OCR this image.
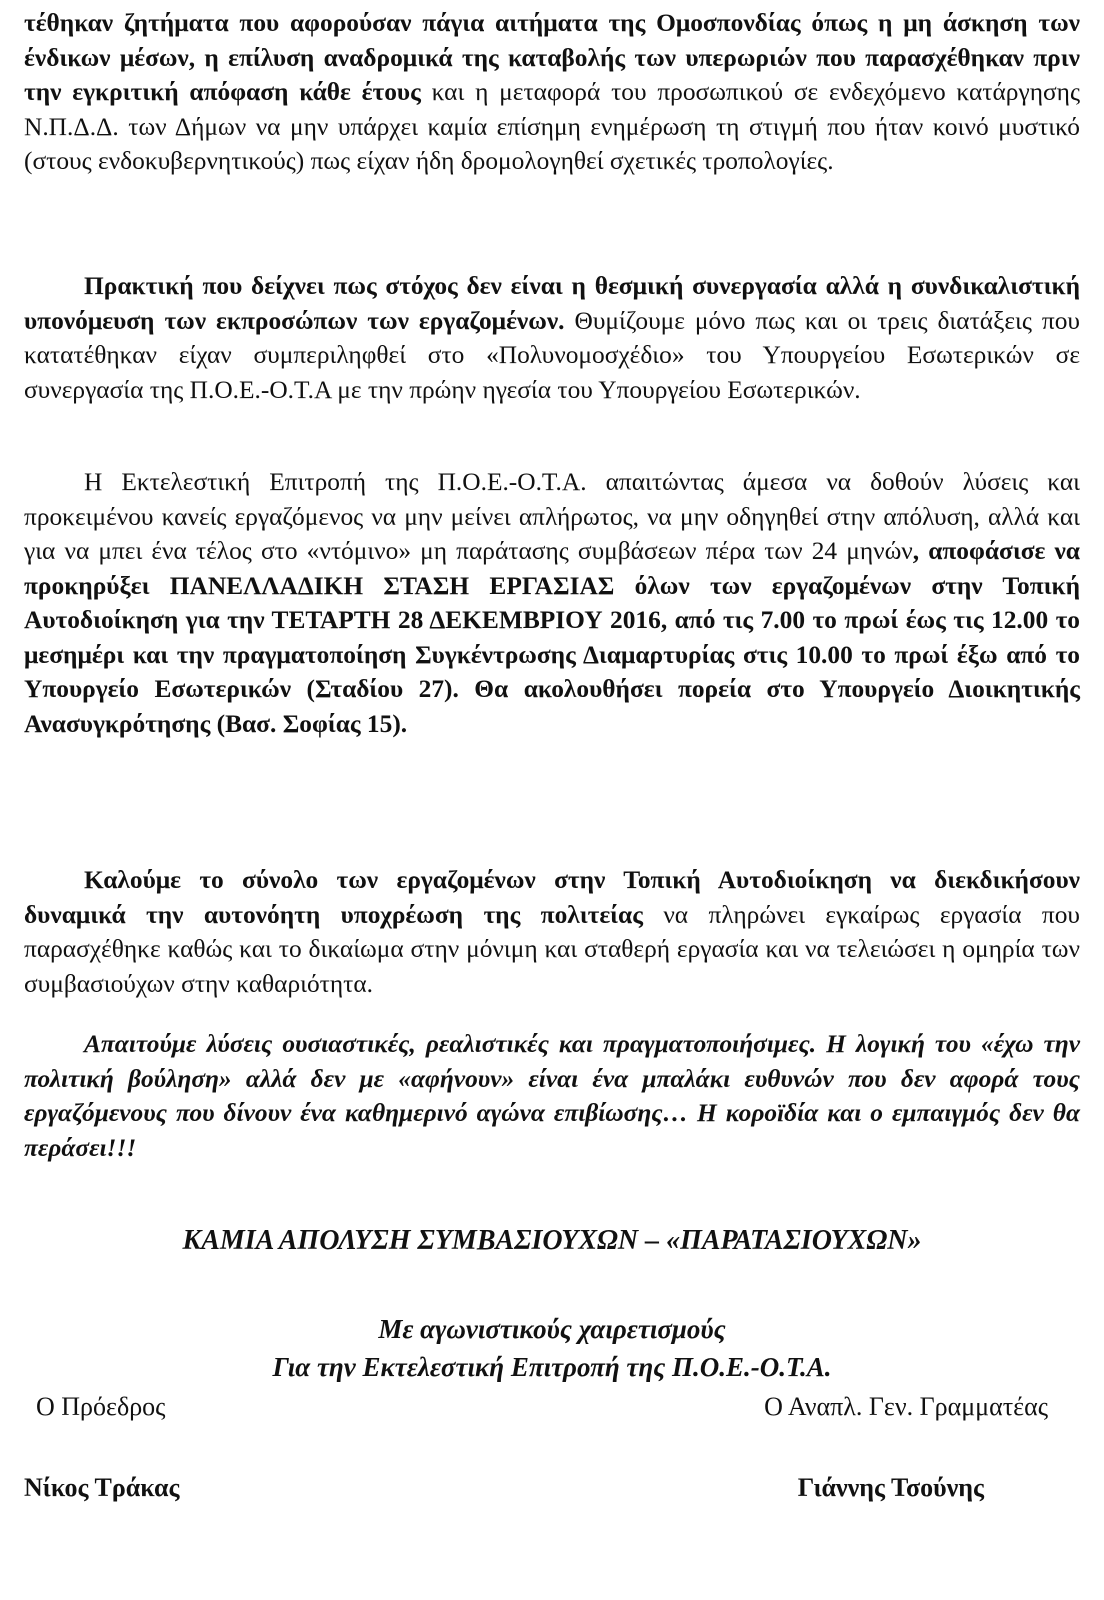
τέθηκαν ζητήματα που αφορούσαν πάγια αιτήματα της Ομοσπονδίας όπως η μη άσκηση των ένδικων μέσων, η επίλυση αναδρομικά της καταβολής των υπερωριών που παρασχέθηκαν πριν την εγκριτική απόφαση κάθε έτους και η μεταφορά του προσωπικού σε ενδεχόμενο κατάργησης Ν.Π.Δ.Δ. των Δήμων να μην υπάρχει καμία επίσημη ενημέρωση τη στιγμή που ήταν κοινό μυστικό (στους ενδοκυβερνητικούς) πως είχαν ήδη δρομολογηθεί σχετικές τροπολογίες.

Πρακτική που δείχνει πως στόχος δεν είναι η θεσμική συνεργασία αλλά η συνδικαλιστική υπονόμευση των εκπροσώπων των εργαζομένων. Θυμίζουμε μόνο πως και οι τρεις διατάξεις που κατατέθηκαν είχαν συμπεριληφθεί στο «Πολυνομοσχέδιο» του Υπουργείου Εσωτερικών σε συνεργασία της Π.Ο.Ε.-Ο.Τ.Α με την πρώην ηγεσία του Υπουργείου Εσωτερικών.

Η Εκτελεστική Επιτροπή της Π.Ο.Ε.-Ο.Τ.Α. απαιτώντας άμεσα να δοθούν λύσεις και προκειμένου κανείς εργαζόμενος να μην μείνει απλήρωτος, να μην οδηγηθεί στην απόλυση, αλλά και για να μπει ένα τέλος στο «ντόμινο» μη παράτασης συμβάσεων πέρα των 24 μηνών, αποφάσισε να προκηρύξει ΠΑΝΕΛΛΑΔΙΚΗ ΣΤΑΣΗ ΕΡΓΑΣΙΑΣ όλων των εργαζομένων στην Τοπική Αυτοδιοίκηση για την ΤΕΤΑΡΤΗ 28 ΔΕΚΕΜΒΡΙΟΥ 2016, από τις 7.00 το πρωί έως τις 12.00 το μεσημέρι και την πραγματοποίηση Συγκέντρωσης Διαμαρτυρίας στις 10.00 το πρωί έξω από το Υπουργείο Εσωτερικών (Σταδίου 27). Θα ακολουθήσει πορεία στο Υπουργείο Διοικητικής Ανασυγκρότησης (Βασ. Σοφίας 15).

Καλούμε το σύνολο των εργαζομένων στην Τοπική Αυτοδιοίκηση να διεκδικήσουν δυναμικά την αυτονόητη υποχρέωση της πολιτείας να πληρώνει εγκαίρως εργασία που παρασχέθηκε καθώς και το δικαίωμα στην μόνιμη και σταθερή εργασία και να τελειώσει η ομηρία των συμβασιούχων στην καθαριότητα.

Απαιτούμε λύσεις ουσιαστικές, ρεαλιστικές και πραγματοποιήσιμες. Η λογική του «έχω την πολιτική βούληση» αλλά δεν με «αφήνουν» είναι ένα μπαλάκι ευθυνών που δεν αφορά τους εργαζόμενους που δίνουν ένα καθημερινό αγώνα επιβίωσης… Η κοροϊδία και ο εμπαιγμός δεν θα περάσει!!!

ΚΑΜΙΑ ΑΠΟΛΥΣΗ ΣΥΜΒΑΣΙΟΥΧΩΝ – «ΠΑΡΑΤΑΣΙΟΥΧΩΝ»

Με αγωνιστικούς χαιρετισμούς

Για την Εκτελεστική Επιτροπή της Π.Ο.Ε.-Ο.Τ.Α.

Ο Πρόεδρος	Ο Αναπλ. Γεν. Γραμματέας

Νίκος Τράκας	Γιάννης Τσούνης
